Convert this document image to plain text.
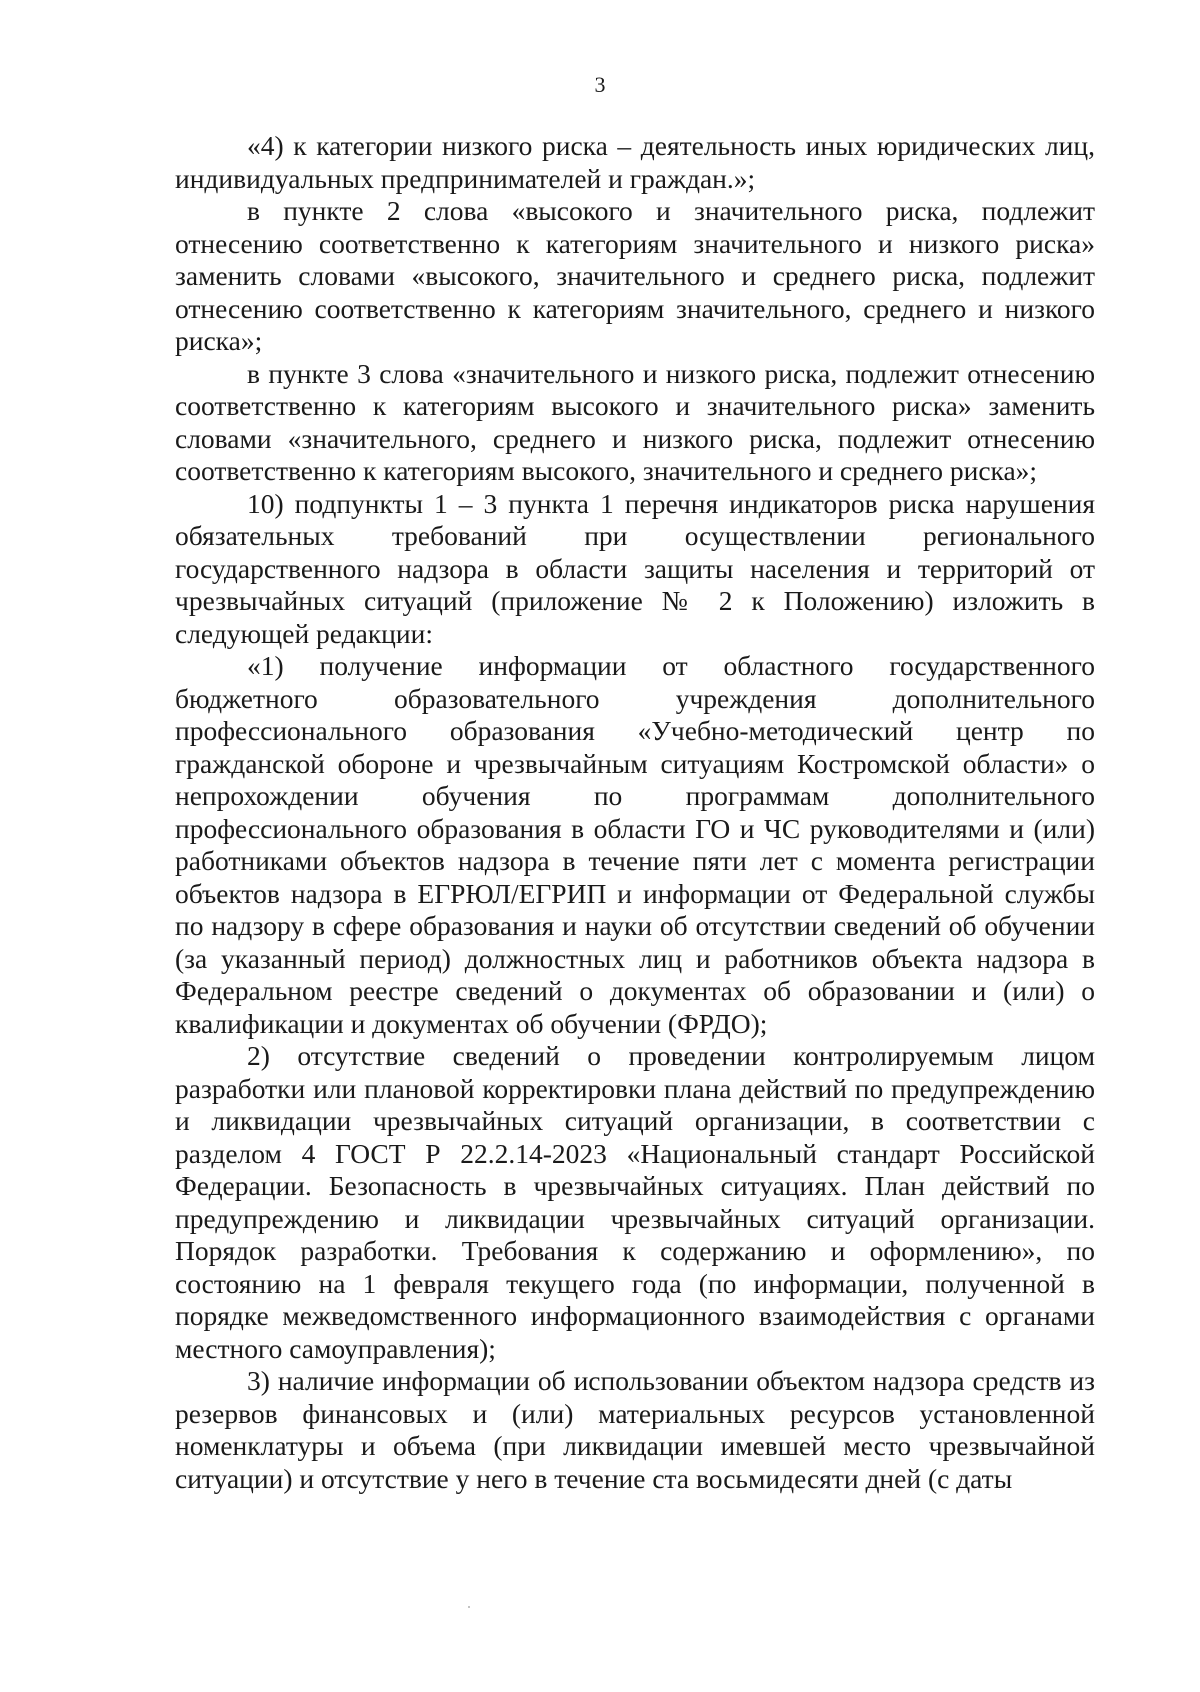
3

«4) к категории низкого риска – деятельность иных юридических лиц, индивидуальных предпринимателей и граждан.»;

в пункте 2 слова «высокого и значительного риска, подлежит отнесению соответственно к категориям значительного и низкого риска» заменить словами «высокого, значительного и среднего риска, подлежит отнесению соответственно к категориям значительного, среднего и низкого риска»;

в пункте 3 слова «значительного и низкого риска, подлежит отнесению соответственно к категориям высокого и значительного риска» заменить словами «значительного, среднего и низкого риска, подлежит отнесению соответственно к категориям высокого, значительного и среднего риска»;

10) подпункты 1 – 3 пункта 1 перечня индикаторов риска нарушения обязательных требований при осуществлении регионального государственного надзора в области защиты населения и территорий от чрезвычайных ситуаций (приложение № 2 к Положению) изложить в следующей редакции:

«1) получение информации от областного государственного бюджетного образовательного учреждения дополнительного профессионального образования «Учебно-методический центр по гражданской обороне и чрезвычайным ситуациям Костромской области» о непрохождении обучения по программам дополнительного профессионального образования в области ГО и ЧС руководителями и (или) работниками объектов надзора в течение пяти лет с момента регистрации объектов надзора в ЕГРЮЛ/ЕГРИП и информации от Федеральной службы по надзору в сфере образования и науки об отсутствии сведений об обучении (за указанный период) должностных лиц и работников объекта надзора в Федеральном реестре сведений о документах об образовании и (или) о квалификации и документах об обучении (ФРДО);

2) отсутствие сведений о проведении контролируемым лицом разработки или плановой корректировки плана действий по предупреждению и ликвидации чрезвычайных ситуаций организации, в соответствии с разделом 4 ГОСТ Р 22.2.14-2023 «Национальный стандарт Российской Федерации. Безопасность в чрезвычайных ситуациях. План действий по предупреждению и ликвидации чрезвычайных ситуаций организации. Порядок разработки. Требования к содержанию и оформлению», по состоянию на 1 февраля текущего года (по информации, полученной в порядке межведомственного информационного взаимодействия с органами местного самоуправления);

3) наличие информации об использовании объектом надзора средств из резервов финансовых и (или) материальных ресурсов установленной номенклатуры и объема (при ликвидации имевшей место чрезвычайной ситуации) и отсутствие у него в течение ста восьмидесяти дней (с даты
